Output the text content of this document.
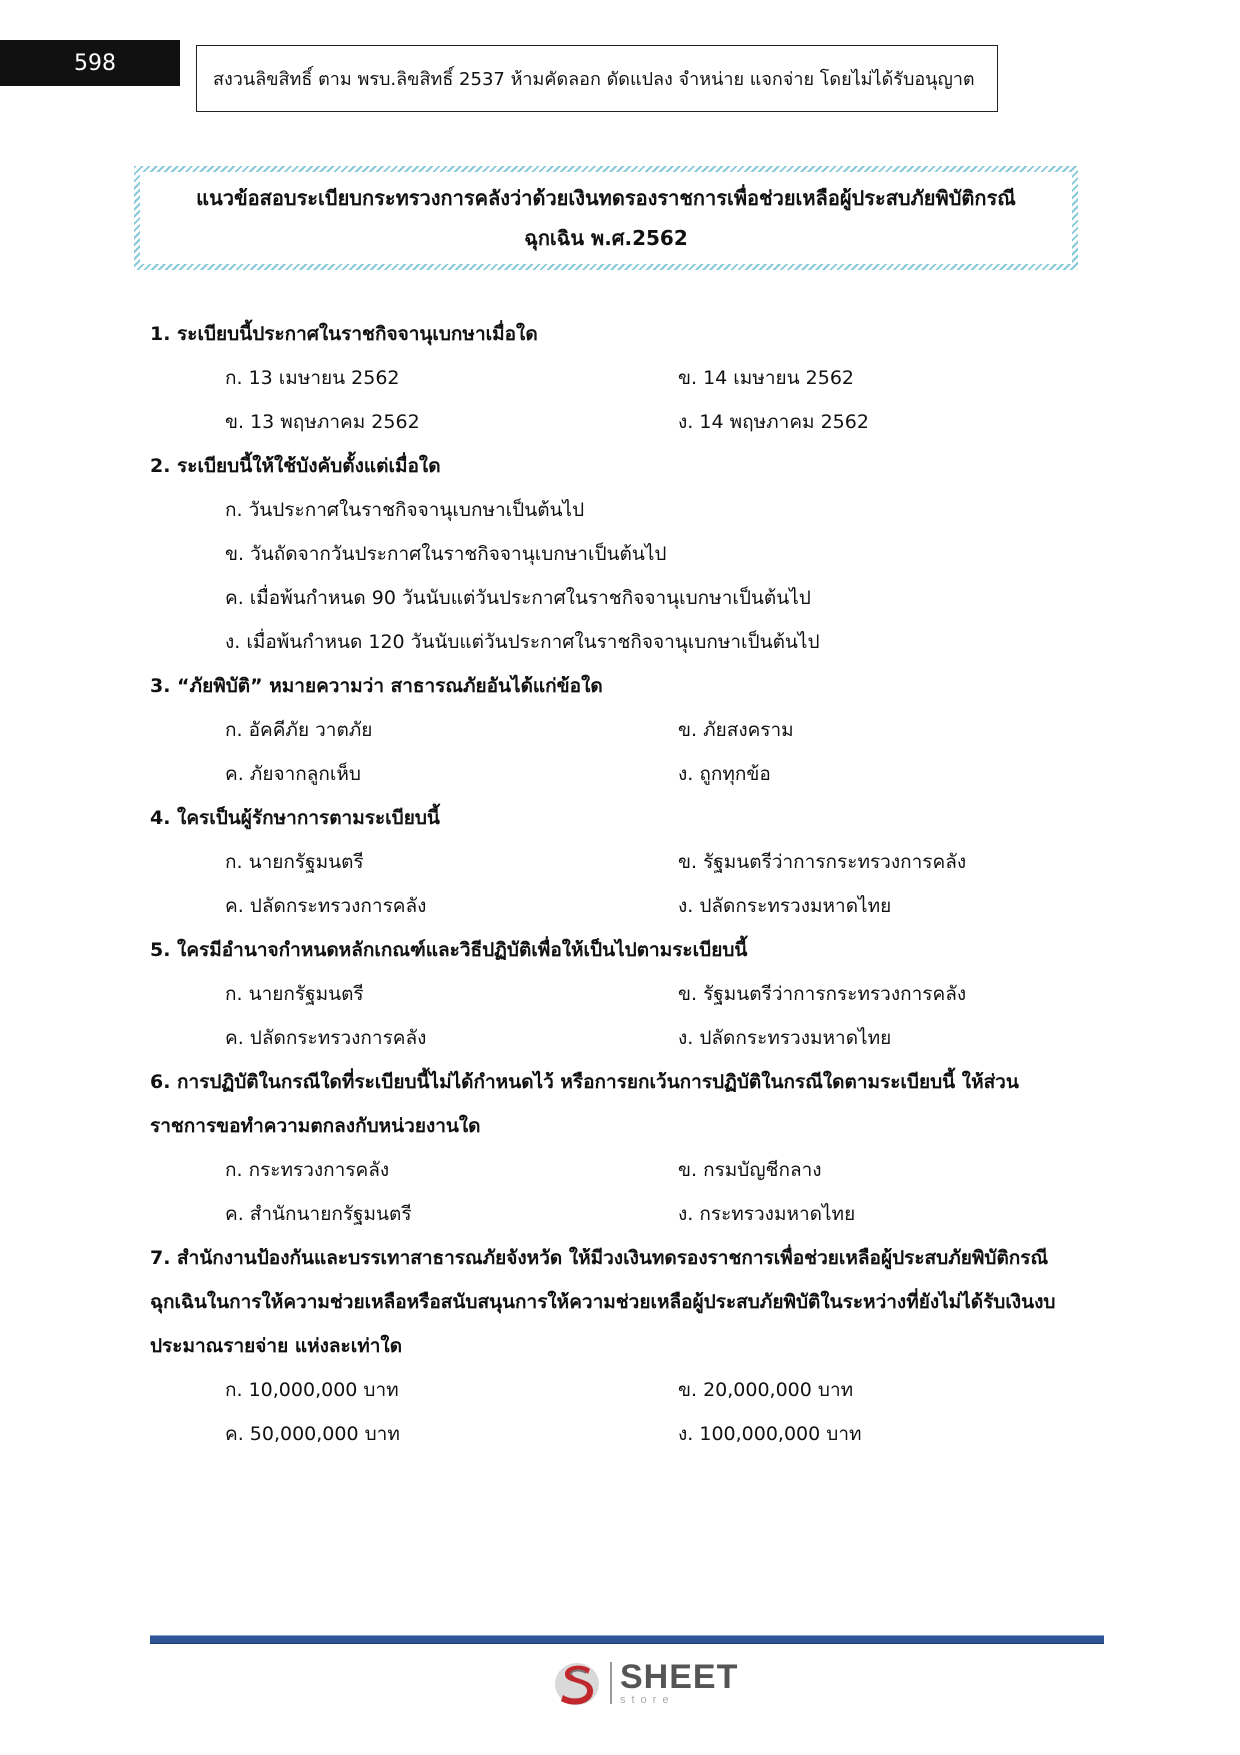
598
สงวนลิขสิทธิ์ ตาม พรบ.ลิขสิทธิ์ 2537 ห้ามคัดลอก ดัดแปลง จำหน่าย แจกจ่าย โดยไม่ได้รับอนุญาต
แนวข้อสอบระเบียบกระทรวงการคลังว่าด้วยเงินทดรองราชการเพื่อช่วยเหลือผู้ประสบภัยพิบัติกรณี
ฉุกเฉิน พ.ศ.2562
1. ระเบียบนี้ประกาศในราชกิจจานุเบกษาเมื่อใด
ก. 13 เมษายน 2562	ข. 14 เมษายน 2562
ข. 13 พฤษภาคม 2562	ง. 14 พฤษภาคม 2562
2. ระเบียบนี้ให้ใช้บังคับตั้งแต่เมื่อใด
ก. วันประกาศในราชกิจจานุเบกษาเป็นต้นไป
ข. วันถัดจากวันประกาศในราชกิจจานุเบกษาเป็นต้นไป
ค. เมื่อพ้นกำหนด 90 วันนับแต่วันประกาศในราชกิจจานุเบกษาเป็นต้นไป
ง. เมื่อพ้นกำหนด 120 วันนับแต่วันประกาศในราชกิจจานุเบกษาเป็นต้นไป
3. “ภัยพิบัติ” หมายความว่า สาธารณภัยอันได้แก่ข้อใด
ก. อัคคีภัย วาตภัย	ข. ภัยสงคราม
ค. ภัยจากลูกเห็บ	ง. ถูกทุกข้อ
4. ใครเป็นผู้รักษาการตามระเบียบนี้
ก. นายกรัฐมนตรี	ข. รัฐมนตรีว่าการกระทรวงการคลัง
ค. ปลัดกระทรวงการคลัง	ง. ปลัดกระทรวงมหาดไทย
5. ใครมีอำนาจกำหนดหลักเกณฑ์และวิธีปฏิบัติเพื่อให้เป็นไปตามระเบียบนี้
ก. นายกรัฐมนตรี	ข. รัฐมนตรีว่าการกระทรวงการคลัง
ค. ปลัดกระทรวงการคลัง	ง. ปลัดกระทรวงมหาดไทย
6. การปฏิบัติในกรณีใดที่ระเบียบนี้ไม่ได้กำหนดไว้ หรือการยกเว้นการปฏิบัติในกรณีใดตามระเบียบนี้ ให้ส่วนราชการขอทำความตกลงกับหน่วยงานใด
ก. กระทรวงการคลัง	ข. กรมบัญชีกลาง
ค. สำนักนายกรัฐมนตรี	ง. กระทรวงมหาดไทย
7. สำนักงานป้องกันและบรรเทาสาธารณภัยจังหวัด ให้มีวงเงินทดรองราชการเพื่อช่วยเหลือผู้ประสบภัยพิบัติกรณีฉุกเฉินในการให้ความช่วยเหลือหรือสนับสนุนการให้ความช่วยเหลือผู้ประสบภัยพิบัติในระหว่างที่ยังไม่ได้รับเงินงบประมาณรายจ่าย แห่งละเท่าใด
ก. 10,000,000 บาท	ข. 20,000,000 บาท
ค. 50,000,000 บาท	ง. 100,000,000 บาท
SHEET
store
